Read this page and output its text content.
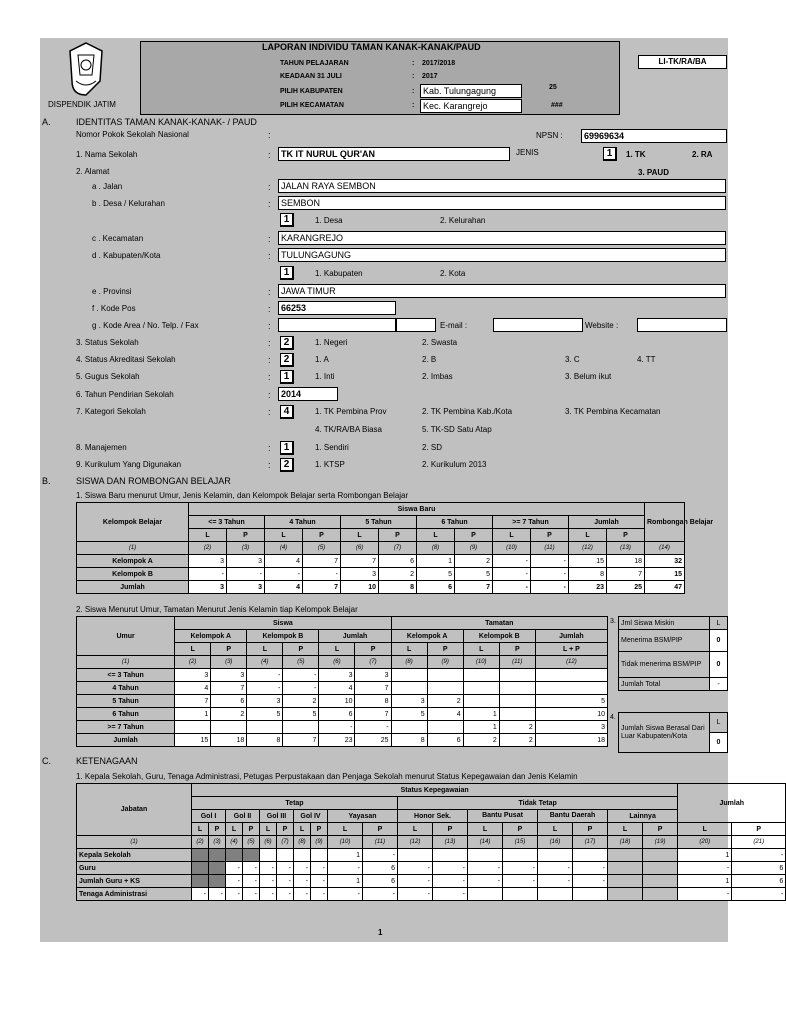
DISPENDIK JATIM
LAPORAN INDIVIDU TAMAN KANAK-KANAK/PAUD
TAHUN PELAJARAN	: 2017/2018
KEADAAN 31 JULI	: 2017
PILIH KABUPATEN	: Kab. Tulungagung	25
PILIH KECAMATAN	: Kec. Karangrejo	###
LI-TK/RA/BA
A.	IDENTITAS TAMAN KANAK-KANAK- / PAUD
Nomor Pokok Sekolah Nasional	:	NPSN :	69969634
1. Nama Sekolah	:	TK IT NURUL QUR'AN	JENIS	1	1. TK	2. RA
3. PAUD
2. Alamat
a . Jalan	:	JALAN RAYA SEMBON
b . Desa / Kelurahan	:	SEMBON
1	1. Desa	2. Kelurahan
c . Kecamatan	:	KARANGREJO
d . Kabupaten/Kota	:	TULUNGAGUNG
1	1. Kabupaten	2. Kota
e . Provinsi	:	JAWA TIMUR
f . Kode Pos	:	66253
g . Kode Area / No. Telp. / Fax	:	E-mail :	Website :
3. Status Sekolah	:	2	1. Negeri	2. Swasta
4. Status Akreditasi Sekolah	:	2	1. A	2. B	3. C	4. TT
5. Gugus Sekolah	:	1	1. Inti	2. Imbas	3. Belum ikut
6. Tahun Pendirian Sekolah	:	2014
7. Kategori Sekolah	:	4	1. TK Pembina Prov	2. TK Pembina Kab./Kota	3. TK Pembina Kecamatan
4. TK/RA/BA Biasa	5. TK-SD Satu Atap
8. Manajemen	:	1	1. Sendiri	2. SD
9. Kurikulum Yang Digunakan	:	2	1. KTSP	2. Kurikulum 2013
B.	SISWA DAN ROMBONGAN BELAJAR
1. Siswa Baru menurut Umur, Jenis Kelamin, dan Kelompok Belajar serta Rombongan Belajar
Kelompok Belajar	Siswa Baru												Rombongan Belajar
	<= 3 Tahun		4 Tahun		5 Tahun		6 Tahun		>= 7 Tahun		Jumlah		
	L	P	L	P	L	P	L	P	L	P	L	P	
(1)	(2)	(3)	(4)	(5)	(6)	(7)	(8)	(9)	(10)	(11)	(12)	(13)	(14)
Kelompok A	3	3	4	7	7	6	1	2	-	-	15	18	32
Kelompok B	-	-	-	-	3	2	5	5	-	-	8	7	15
Jumlah	3	3	4	7	10	8	6	7	-	-	23	25	47
2. Siswa Menurut Umur, Tamatan Menurut Jenis Kelamin tiap Kelompok Belajar
Umur	Siswa						Tamatan				
	Kelompok A		Kelompok B		Jumlah		Kelompok A		Kelompok B		Jumlah
	L	P	L	P	L	P	L	P	L	P	L + P
(1)	(2)	(3)	(4)	(5)	(6)	(7)	(8)	(9)	(10)	(11)	(12)
<= 3 Tahun	3	3	-	-	3	3					
4 Tahun	4	7	-	-	4	7					
5 Tahun	7	6	3	2	10	8	3	2			5
6 Tahun	1	2	5	5	6	7	5	4	1		10
>= 7 Tahun					-	-			1	2	3
Jumlah	15	18	8	7	23	25	8	6	2	2	18
3. Jml Siswa Miskin	L
Menerima BSM/PIP	0
Tidak menerima BSM/PIP	0
Jumlah Total	-
4.
Jumlah Siswa Berasal Dari Luar Kabupaten/Kota	L
0
C.	KETENAGAAN
1. Kepala Sekolah, Guru, Tenaga Administrasi, Petugas Perpustakaan dan Penjaga Sekolah menurut Status Kepegawaian dan Jenis Kelamin
Jabatan	Status Kepegawaian																		Jumlah	
	Tetap										Tidak Tetap									
	Gol I		Gol II		Gol III		Gol IV		Yayasan		Honor Sek.		Bantu Pusat		Bantu Daerah		Lainnya			
	L	P	L	P	L	P	L	P	L	P	L	P	L	P	L	P	L	P	L	P
(1)	(2)	(3)	(4)	(5)	(6)	(7)	(8)	(9)	(10)	(11)	(12)	(13)	(14)	(15)	(16)	(17)	(18)	(19)	(20)	(21)
Kepala Sekolah									1	-									1	-
Guru			-	-	-	-	-	-	-	6	-	-	-	-	-	-			-	6
Jumlah Guru + KS			-	-	-	-	-	-	1	6	-	-	-	-	-	-			1	6
Tenaga Administrasi	-	-	-	-	-	-	-	-	-	-	-	-							-	-
1
